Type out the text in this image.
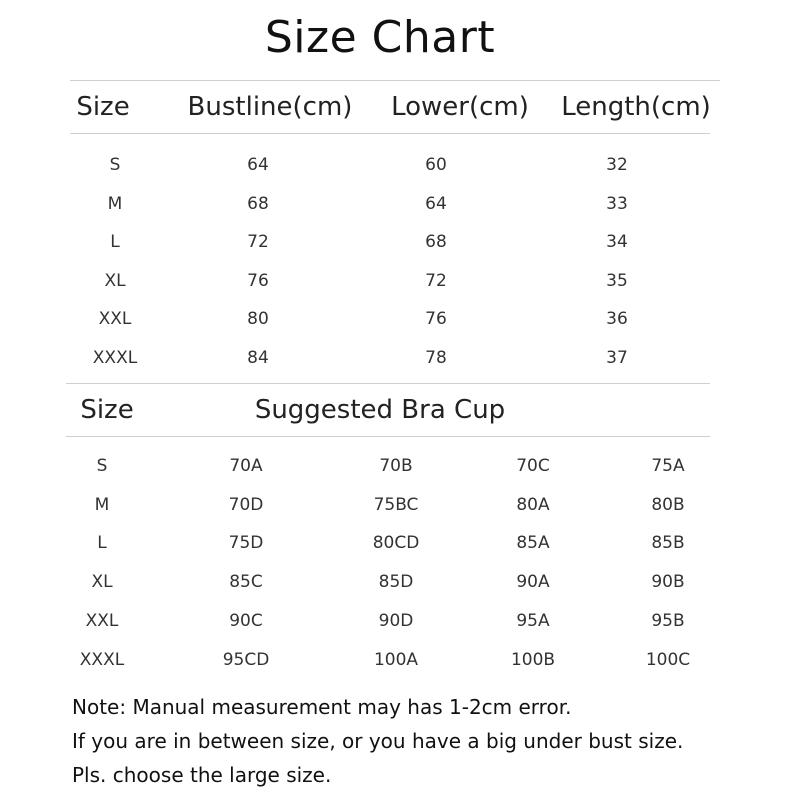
Size Chart
Size Bustline(cm) Lower(cm) Length(cm)
S	64	60	32
M	68	64	33
L	72	68	34
XL	76	72	35
XXL	80	76	36
XXXL	84	78	37
Size	Suggested Bra Cup
S	70A	70B	70C	75A
M	70D	75BC	80A	80B
L	75D	80CD	85A	85B
XL	85C	85D	90A	90B
XXL	90C	90D	95A	95B
XXXL	95CD	100A	100B	100C
Note: Manual measurement may has 1-2cm error.
If you are in between size, or you have a big under bust size.
Pls. choose the large size.
